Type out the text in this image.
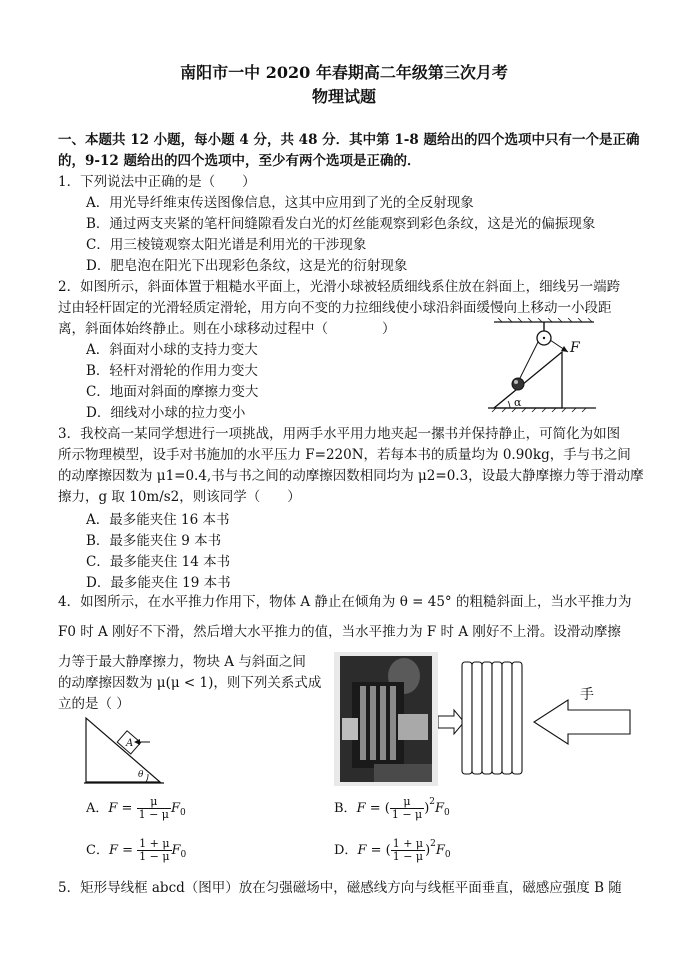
南阳市一中 2020 年春期高二年级第三次月考
物理试题
一、本题共 12 小题，每小题 4 分，共 48 分．其中第 1-8 题给出的四个选项中只有一个是正确
的，9-12 题给出的四个选项中，至少有两个选项是正确的．
1．下列说法中正确的是（　　）
A．用光导纤维束传送图像信息，这其中应用到了光的全反射现象
B．通过两支夹紧的笔杆间缝隙看发白光的灯丝能观察到彩色条纹，这是光的偏振现象
C．用三棱镜观察太阳光谱是利用光的干涉现象
D．肥皂泡在阳光下出现彩色条纹，这是光的衍射现象
2．如图所示，斜面体置于粗糙水平面上，光滑小球被轻质细线系住放在斜面上，细线另一端跨
过由轻杆固定的光滑轻质定滑轮，用方向不变的力拉细线使小球沿斜面缓慢向上移动一小段距
离，斜面体始终静止。则在小球移动过程中（　　　　）
A．斜面对小球的支持力变大
B．轻杆对滑轮的作用力变大
C．地面对斜面的摩擦力变大
D．细线对小球的拉力变小
F
α
3．我校高一某同学想进行一项挑战，用两手水平用力地夹起一摞书并保持静止，可简化为如图
所示物理模型，设手对书施加的水平压力 F=220N，若每本书的质量均为 0.90kg，手与书之间
的动摩擦因数为 μ1=0.4,书与书之间的动摩擦因数相同均为 μ2=0.3，设最大静摩擦力等于滑动摩
擦力，g 取 10m/s2，则该同学（　　）
A．最多能夹住 16 本书
B．最多能夹住 9 本书
C．最多能夹住 14 本书
D．最多能夹住 19 本书
4．如图所示，在水平推力作用下，物体 A 静止在倾角为 θ = 45° 的粗糙斜面上，当水平推力为
F0 时 A 刚好不下滑，然后增大水平推力的值，当水平推力为 F 时 A 刚好不上滑。设滑动摩擦
力等于最大静摩擦力，物块 A 与斜面之间
的动摩擦因数为 μ(μ < 1)，则下列关系式成
立的是（ ）
手
A
θ
A．$F = \frac{\mu}{1 - \mu} F_0$	B．F = ( $\frac{\mu}{1 - \mu} )^2F_0$
C．$F = \frac{1 + \mu}{1 - \mu} F_0$	D．F = ( $\frac{1 + \mu}{1 - \mu} )^2F_0$
5．矩形导线框 abcd（图甲）放在匀强磁场中，磁感线方向与线框平面垂直，磁感应强度 B 随
